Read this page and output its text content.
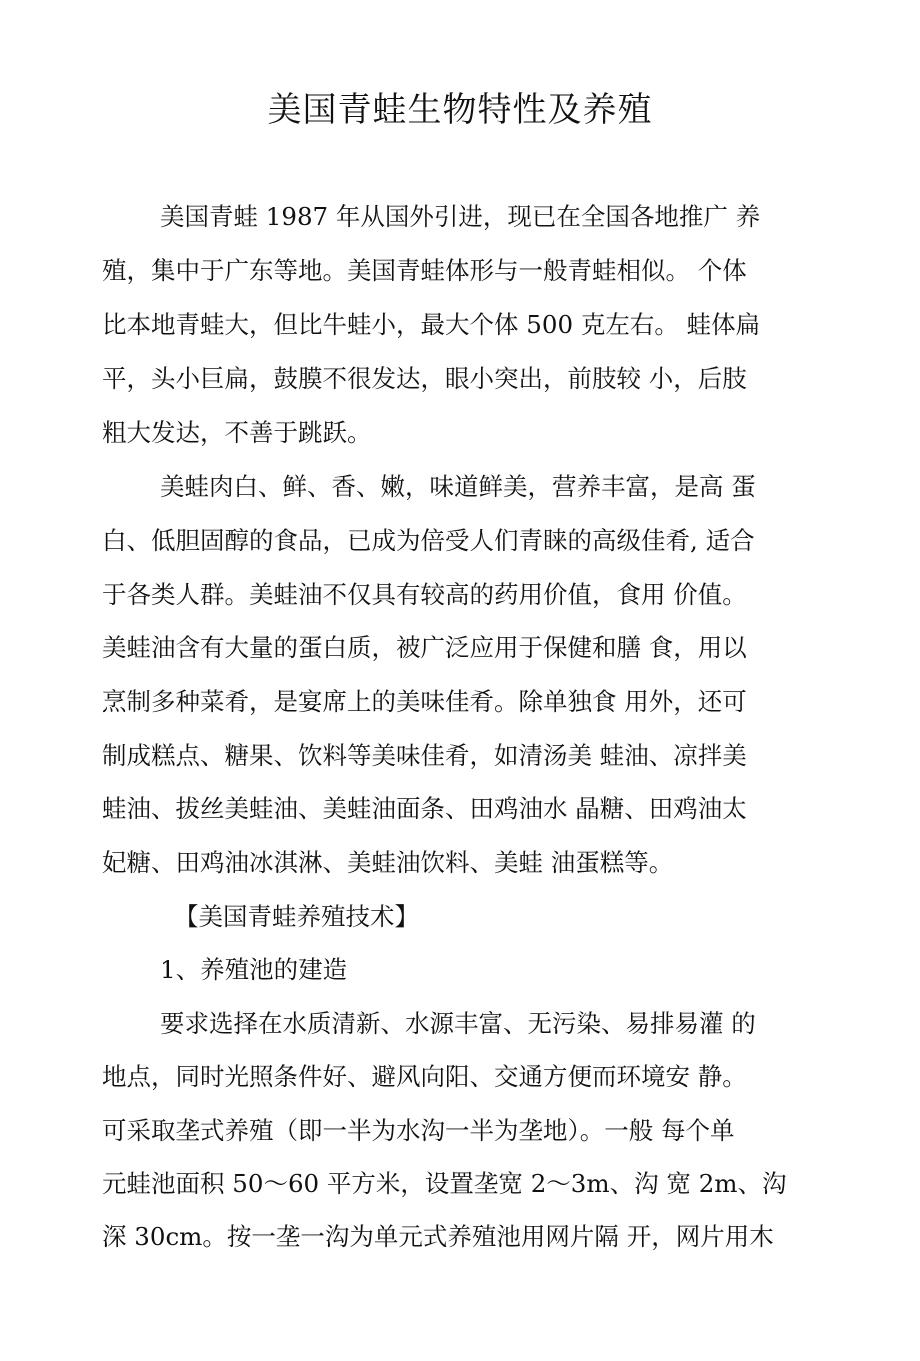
美国青蛙生物特性及养殖
美国青蛙 1987 年从国外引进，现已在全国各地推广 养
殖，集中于广东等地。美国青蛙体形与一般青蛙相似。 个体
比本地青蛙大，但比牛蛙小，最大个体 500 克左右。 蛙体扁
平，头小巨扁，鼓膜不很发达，眼小突出，前肢较 小，后肢
粗大发达，不善于跳跃。
美蛙肉白、鲜、香、嫩，味道鲜美，营养丰富，是高 蛋
白、低胆固醇的食品，已成为倍受人们青睐的高级佳肴, 适合
于各类人群。美蛙油不仅具有较高的药用价值，食用 价值。
美蛙油含有大量的蛋白质，被广泛应用于保健和膳 食，用以
烹制多种菜肴，是宴席上的美味佳肴。除单独食 用外，还可
制成糕点、糖果、饮料等美味佳肴，如清汤美 蛙油、凉拌美
蛙油、拔丝美蛙油、美蛙油面条、田鸡油水 晶糖、田鸡油太
妃糖、田鸡油冰淇淋、美蛙油饮料、美蛙 油蛋糕等。
【美国青蛙养殖技术】
1、养殖池的建造
要求选择在水质清新、水源丰富、无污染、易排易灌 的
地点，同时光照条件好、避风向阳、交通方便而环境安 静。
可采取垄式养殖（即一半为水沟一半为垄地）。一般 每个单
元蛙池面积 50～60 平方米，设置垄宽 2～3m、沟 宽 2m、沟
深 30cm。按一垄一沟为单元式养殖池用网片隔 开，网片用木
